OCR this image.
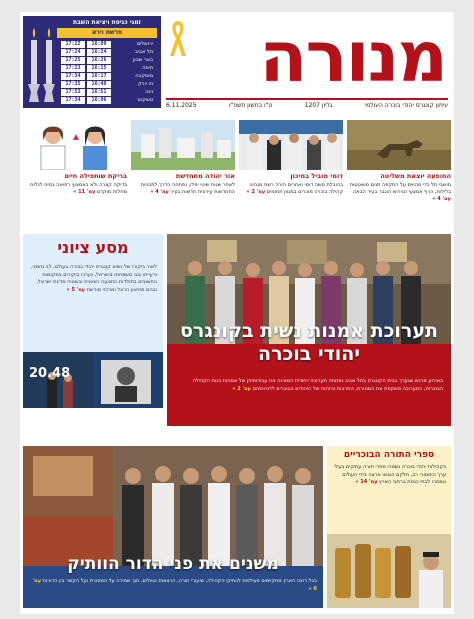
מנורה
עיתון קונגרס יהודי בוכרה העולמי
גליון 1207
ט"ו בחשון תשפ"ו
6.11.2025
זמני כניסת ויציאת השבת
פרשת וירא
ירושלים	16:09	17:22
תל אביב	16:24	17:24
באר שבע	16:26	17:25
חיפה	16:15	17:23
מוסקבה	16:17	17:34
ניו יורק	16:40	17:35
וינה	16:51	17:53
טשקנט	16:06	17:34
החופעה יוצאת משליטה
תושבי תל כדי מהווים על התקפה תנים משוטטות בלילות, הרף אמצעי הגירוש הוגבר בעיר הבאה עמ' 4 »
דומי מוביל במיכון
בהובלת משה דומי ואחרים הורה רשת מנהיגי קהילה בוכרה מוכרים במגוון תחומים עמ' 2 »
אור יהודה מתחדשת
לאחר שנות שינוי יפלו, נפתחה הדרך לתכניות התחדשות עירונית חדשות בעיר עמ' 4 »
בריקת שותפילה חיים
בדיקה קצרה ולא באמצעי רפואה בסיס לגלות מחלות מוקדם עמ' 11 »
מסע ציוני
לאור ביקורו של נשיא קונגרס יהודי בוכרה בעולם, לב נחמני, ורעייתו ובני משפחתו בישראל, נערכו ביקורים במקומות החשובים בתולדות התנועה הציונית ובשטחי מדינת ישראל, ובהם מוזיאון הרצל ומרכזי מורשת עמ' 5 »
20.48
תערוכת אמנות נשית בקונגרס יהודי בוכרה
באירוע מרגש שנערך בבית הקונגרס בתל אביב נפתחה תערוכה ייחודית המציגה את עבודותיהן של אמניות בנות הקהילה הבוכרית, התערוכה משקפת את המסורת, התרבות והזהות של היהודים הבוכרים לדורותיהם עמ' 2 »
משנים את פני הדור הוותיק
בכל רחבי הארץ מתקיימים פעילויות לוותיקי הקהילה, שיעורי תורה, הרצאות וטיולים, תוך שמירה על המסורת ועל הקשר בין הדורות עמ' 6 »
ספרי התורה הבוכריים
בקהילות יהודי בוכרה נשמרו ספרי תורה עתיקים בעלי ערך היסטורי רב, חלקם הובאו ארצה בידי העולים ונמסרו לבתי כנסת ברחבי הארץ עמ' 14 »
